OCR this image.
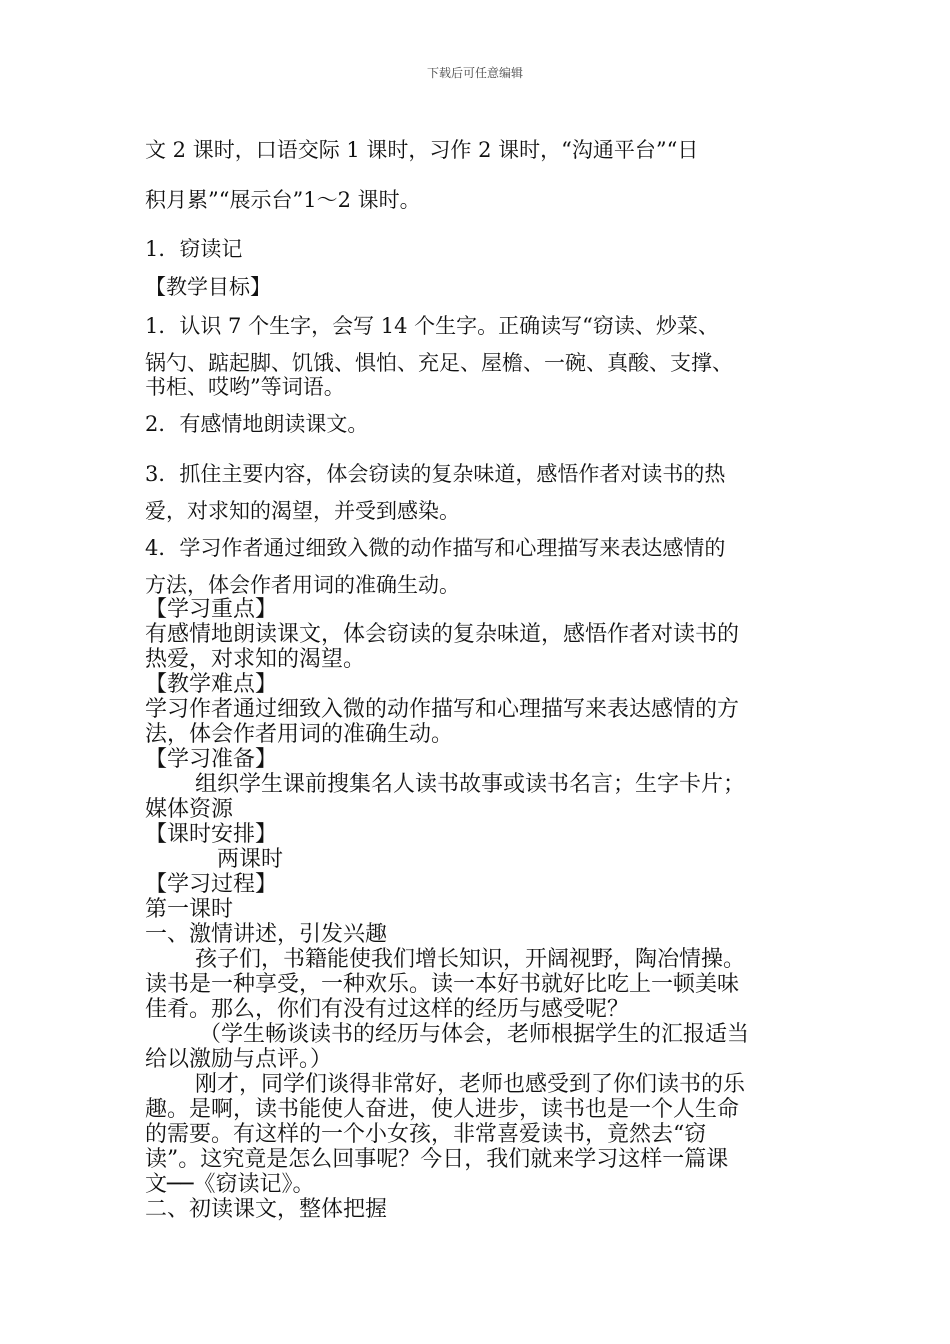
下载后可任意编辑
文 2 课时，口语交际 1 课时，习作 2 课时，“沟通平台”“日
积月累”“展示台”1～2 课时。
1．窃读记
【教学目标】
1．认识 7 个生字，会写 14 个生字。正确读写“窃读、炒菜、
锅勺、踮起脚、饥饿、惧怕、充足、屋檐、一碗、真酸、支撑、
书柜、哎哟”等词语。
2．有感情地朗读课文。
3．抓住主要内容，体会窃读的复杂味道，感悟作者对读书的热
爱，对求知的渴望，并受到感染。
4．学习作者通过细致入微的动作描写和心理描写来表达感情的
方法，体会作者用词的准确生动。
【学习重点】
有感情地朗读课文，体会窃读的复杂味道，感悟作者对读书的
热爱，对求知的渴望。
【教学难点】
学习作者通过细致入微的动作描写和心理描写来表达感情的方
法，体会作者用词的准确生动。
【学习准备】
组织学生课前搜集名人读书故事或读书名言；生字卡片；
媒体资源
【课时安排】
两课时
【学习过程】
第一课时
一、激情讲述，引发兴趣
孩子们，书籍能使我们增长知识，开阔视野，陶冶情操。
读书是一种享受，一种欢乐。读一本好书就好比吃上一顿美味
佳肴。那么，你们有没有过这样的经历与感受呢？
（学生畅谈读书的经历与体会，老师根据学生的汇报适当
给以激励与点评。）
刚才，同学们谈得非常好，老师也感受到了你们读书的乐
趣。是啊，读书能使人奋进，使人进步，读书也是一个人生命
的需要。有这样的一个小女孩，非常喜爱读书，竟然去“窃
读”。这究竟是怎么回事呢？今日，我们就来学习这样一篇课
文──《窃读记》。
二、初读课文，整体把握
